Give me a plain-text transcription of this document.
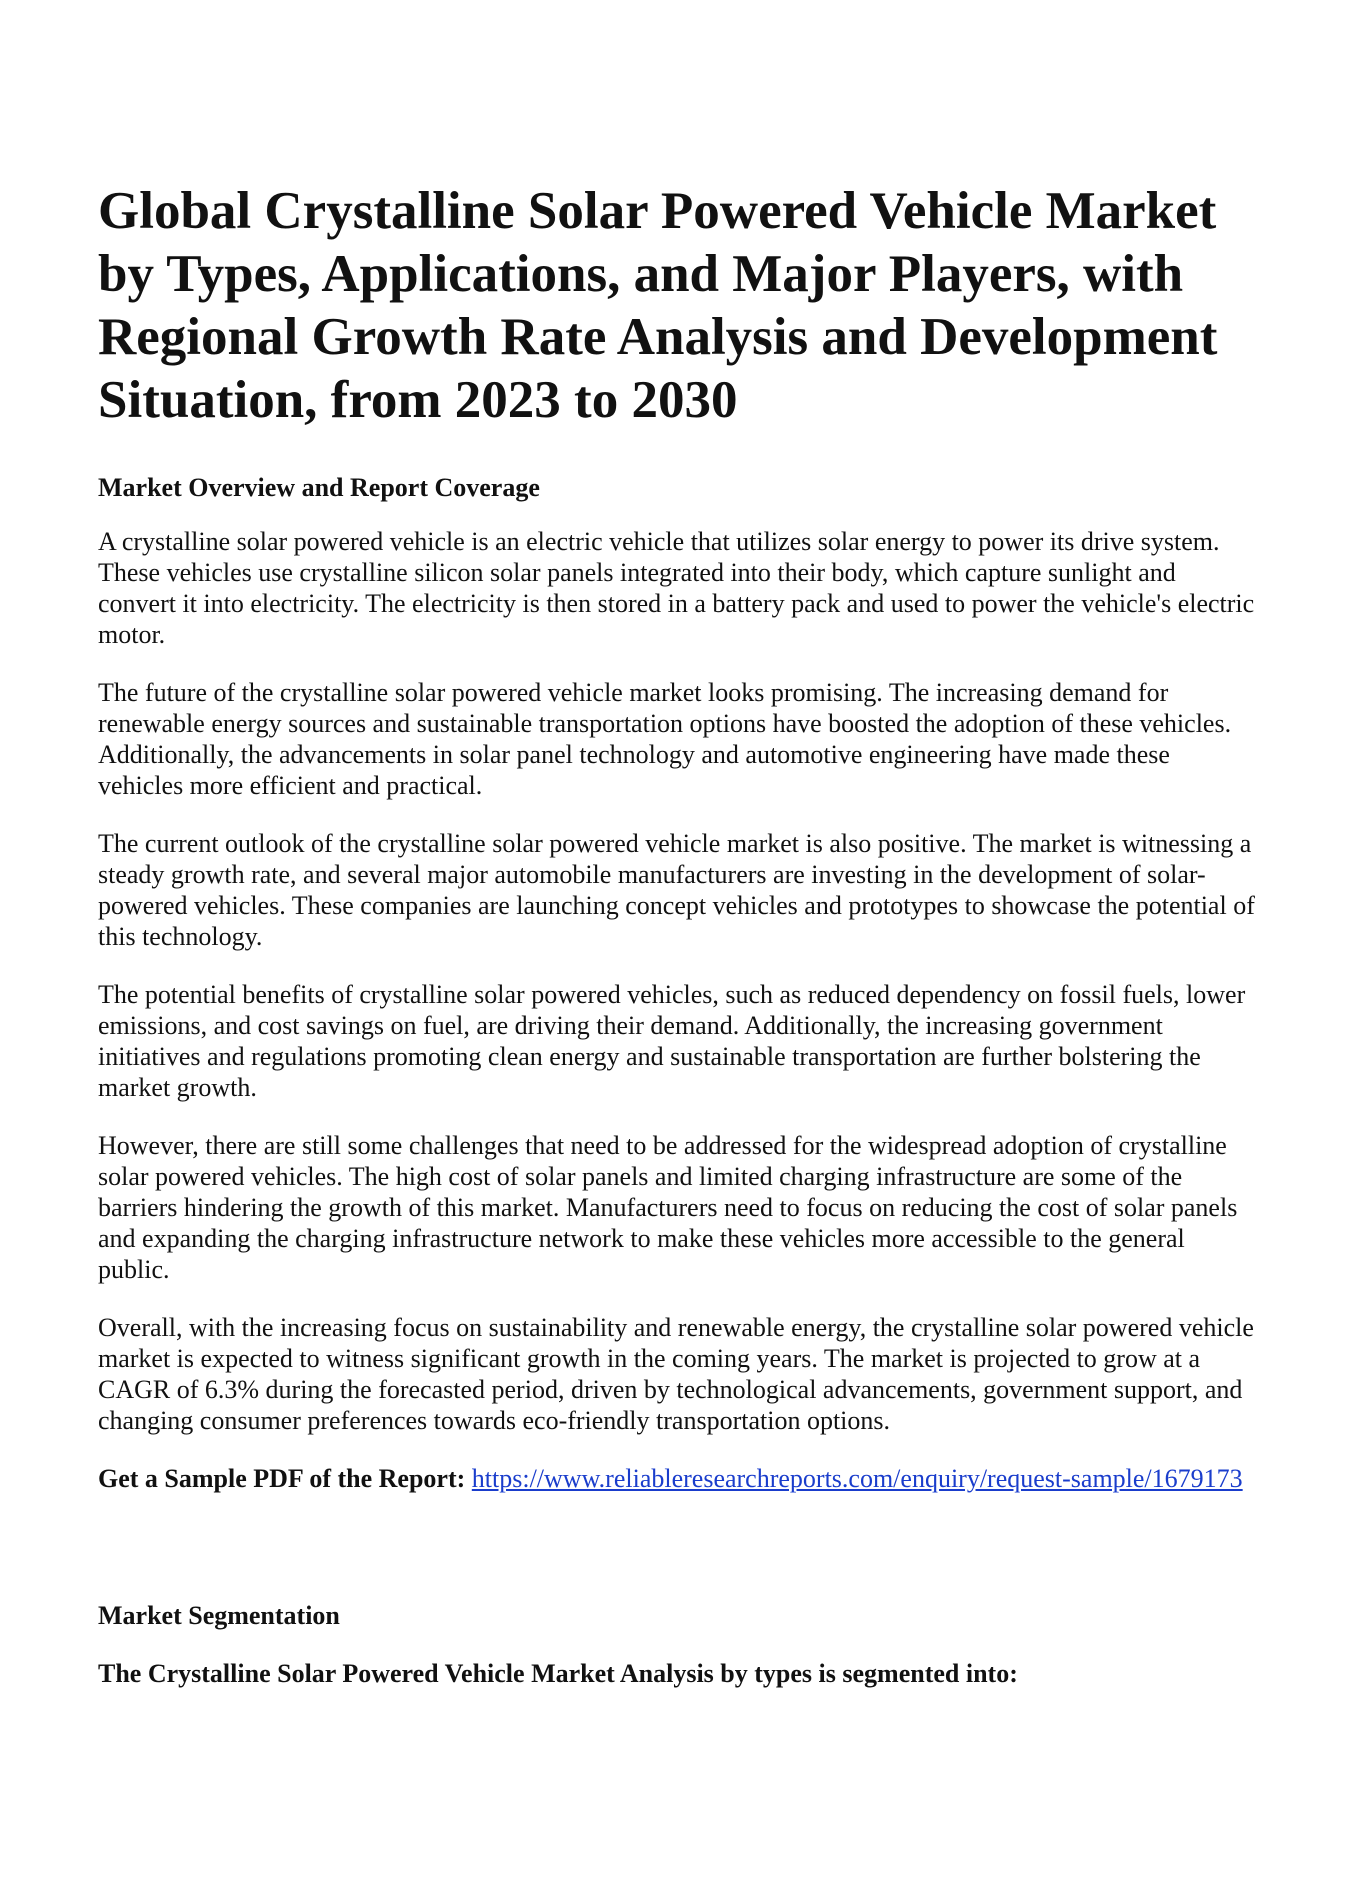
Global Crystalline Solar Powered Vehicle Market by Types, Applications, and Major Players, with Regional Growth Rate Analysis and Development Situation, from 2023 to 2030
Market Overview and Report Coverage

A crystalline solar powered vehicle is an electric vehicle that utilizes solar energy to power its drive system. These vehicles use crystalline silicon solar panels integrated into their body, which capture sunlight and convert it into electricity. The electricity is then stored in a battery pack and used to power the vehicle's electric motor.

The future of the crystalline solar powered vehicle market looks promising. The increasing demand for renewable energy sources and sustainable transportation options have boosted the adoption of these vehicles. Additionally, the advancements in solar panel technology and automotive engineering have made these vehicles more efficient and practical.

The current outlook of the crystalline solar powered vehicle market is also positive. The market is witnessing a steady growth rate, and several major automobile manufacturers are investing in the development of solar-powered vehicles. These companies are launching concept vehicles and prototypes to showcase the potential of this technology.

The potential benefits of crystalline solar powered vehicles, such as reduced dependency on fossil fuels, lower emissions, and cost savings on fuel, are driving their demand. Additionally, the increasing government initiatives and regulations promoting clean energy and sustainable transportation are further bolstering the market growth.

However, there are still some challenges that need to be addressed for the widespread adoption of crystalline solar powered vehicles. The high cost of solar panels and limited charging infrastructure are some of the barriers hindering the growth of this market. Manufacturers need to focus on reducing the cost of solar panels and expanding the charging infrastructure network to make these vehicles more accessible to the general public.

Overall, with the increasing focus on sustainability and renewable energy, the crystalline solar powered vehicle market is expected to witness significant growth in the coming years. The market is projected to grow at a CAGR of 6.3% during the forecasted period, driven by technological advancements, government support, and changing consumer preferences towards eco-friendly transportation options.

Get a Sample PDF of the Report: https://www.reliableresearchreports.com/enquiry/request-sample/1679173

Market Segmentation
The Crystalline Solar Powered Vehicle Market Analysis by types is segmented into:
